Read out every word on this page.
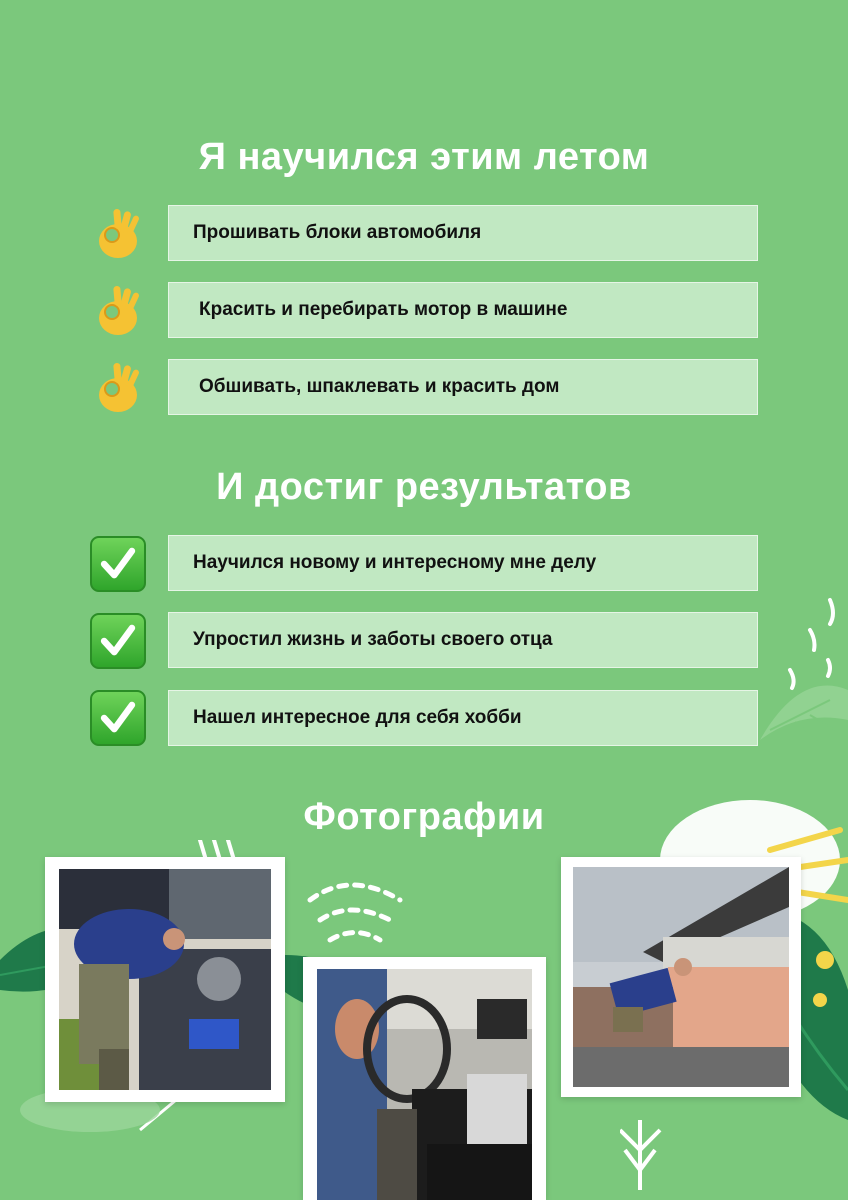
Я научился этим летом
Прошивать блоки автомобиля
Красить и перебирать мотор в машине
Обшивать, шпаклевать и красить дом
И достиг результатов
Научился новому и интересному мне делу
Упростил жизнь и заботы своего отца
Нашел интересное для себя хобби
Фотографии
